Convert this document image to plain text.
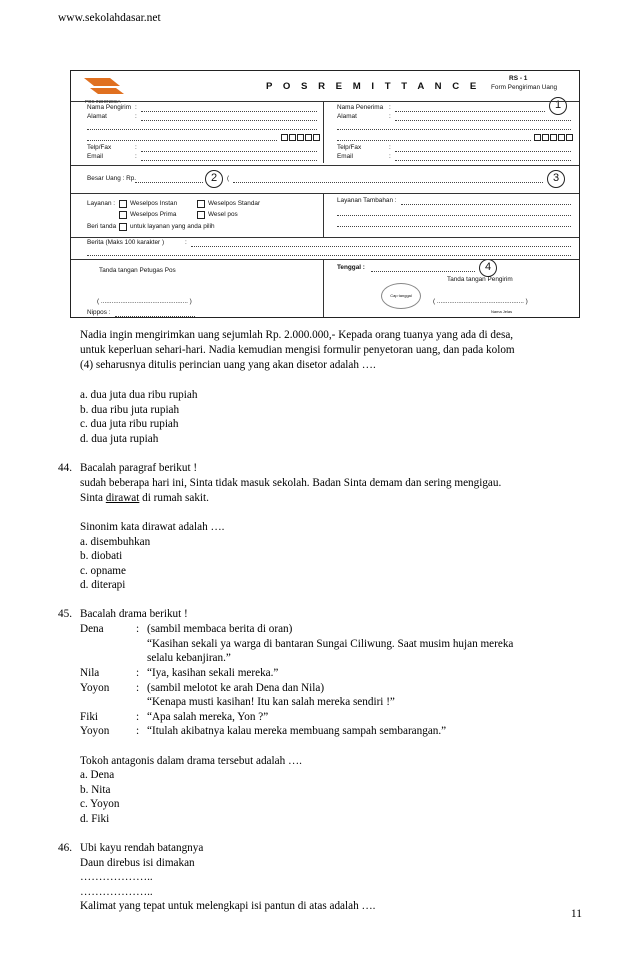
www.sekolahdasar.net
POS INDONESIA
P O S R E M I T T A N C E
RS - 1
Form Pengiriman Uang
1
2	3
4
Nama Pengirim :
Alamat	:
Telp/Fax	:
Email	:
Nama Penerima :
Alamat	:
Telp/Fax	:
Email	:
Besar Uang : Rp.	(
Layanan : Weselpos Instan	Weselpos Standar
Weselpos Prima	Wesel pos
Beri tanda untuk layanan yang anda pilih
Layanan Tambahan :
Berita (Maks 100 karakter )	:
Tanda tangan Petugas Pos
( ................................................. )
Nippos :
Tenggal :
Tanda tangan Pengirim
Cap tanggal
( ................................................. )
Nama Jelas
Nadia ingin mengirimkan uang sejumlah Rp. 2.000.000,- Kepada orang tuanya yang ada di desa,
untuk keperluan sehari-hari. Nadia kemudian mengisi formulir penyetoran uang, dan pada kolom
(4) seharusnya ditulis perincian uang yang akan disetor adalah ….
a. dua juta dua ribu rupiah
b. dua ribu juta rupiah
c. dua juta ribu rupiah
d. dua juta rupiah
44. Bacalah paragraf berikut !
sudah beberapa hari ini, Sinta tidak masuk sekolah. Badan Sinta demam dan sering mengigau.
Sinta dirawat di rumah sakit.
Sinonim kata dirawat adalah ….
a. disembuhkan
b. diobati
c. opname
d. diterapi
45. Bacalah drama berikut !
Dena	: (sambil membaca berita di oran)
“Kasihan sekali ya warga di bantaran Sungai Ciliwung. Saat musim hujan mereka
selalu kebanjiran.”
Nila	: “Iya, kasihan sekali mereka.”
Yoyon : (sambil melotot ke arah Dena dan Nila)
“Kenapa musti kasihan! Itu kan salah mereka sendiri !”
Fiki	: “Apa salah mereka, Yon ?”
Yoyon : “Itulah akibatnya kalau mereka membuang sampah sembarangan.”
Tokoh antagonis dalam drama tersebut adalah ….
a. Dena
b. Nita
c. Yoyon
d. Fiki
46. Ubi kayu rendah batangnya
Daun direbus isi dimakan
………………..
………………..
Kalimat yang tepat untuk melengkapi isi pantun di atas adalah ….
11
